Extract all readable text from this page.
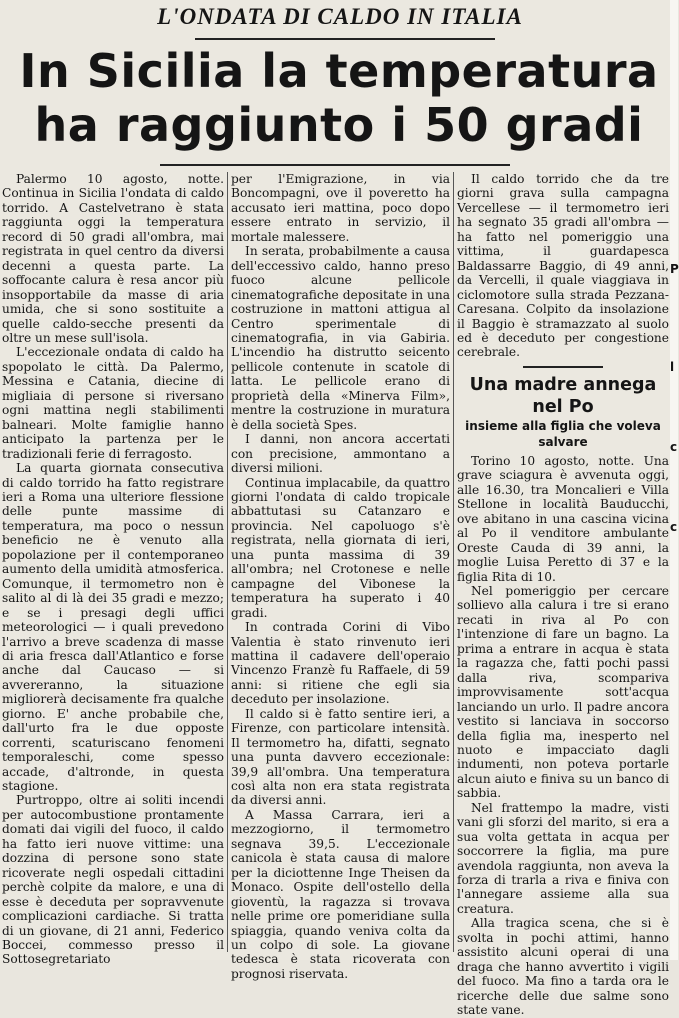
L'ONDATA DI CALDO IN ITALIA
In Sicilia la temperatura
ha raggiunto i 50 gradi

Palermo 10 agosto, notte. Continua in Sicilia l'ondata di caldo torrido. A Castelvetrano è stata raggiunta oggi la temperatura record di 50 gradi all'ombra, mai registrata in quel centro da diversi decenni a questa parte. La soffocante calura è resa ancor più insopportabile da masse di aria umida, che si sono sostituite a quelle caldo-secche presenti da oltre un mese sull'isola.

L'eccezionale ondata di caldo ha spopolato le città. Da Palermo, Messina e Catania, diecine di migliaia di persone si riversano ogni mattina negli stabilimenti balneari. Molte famiglie hanno anticipato la partenza per le tradizionali ferie di ferragosto.

La quarta giornata consecutiva di caldo torrido ha fatto registrare ieri a Roma una ulteriore flessione delle punte massime di temperatura, ma poco o nessun beneficio ne è venuto alla popolazione per il contemporaneo aumento della umidità atmosferica. Comunque, il termometro non è salito al di là dei 35 gradi e mezzo; e se i presagi degli uffici meteorologici — i quali prevedono l'arrivo a breve scadenza di masse di aria fresca dall'Atlantico e forse anche dal Caucaso — si avvereranno, la situazione migliorerà decisamente fra qualche giorno. E' anche probabile che, dall'urto fra le due opposte correnti, scaturiscano fenomeni temporaleschi, come spesso accade, d'altronde, in questa stagione.

Purtroppo, oltre ai soliti incendi per autocombustione prontamente domati dai vigili del fuoco, il caldo ha fatto ieri nuove vittime: una dozzina di persone sono state ricoverate negli ospedali cittadini perchè colpite da malore, e una di esse è deceduta per sopravvenute complicazioni cardiache. Si tratta di un giovane, di 21 anni, Federico Boccei, commesso presso il Sottosegretariato

per l'Emigrazione, in via Boncompagni, ove il poveretto ha accusato ieri mattina, poco dopo essere entrato in servizio, il mortale malessere.

In serata, probabilmente a causa dell'eccessivo caldo, hanno preso fuoco alcune pellicole cinematografiche depositate in una costruzione in mattoni attigua al Centro sperimentale di cinematografia, in via Gabiria. L'incendio ha distrutto seicento pellicole contenute in scatole di latta. Le pellicole erano di proprietà della «Minerva Film», mentre la costruzione in muratura è della società Spes.

I danni, non ancora accertati con precisione, ammontano a diversi milioni.

Continua implacabile, da quattro giorni l'ondata di caldo tropicale abbattutasi su Catanzaro e provincia. Nel capoluogo s'è registrata, nella giornata di ieri, una punta massima di 39 all'ombra; nel Crotonese e nelle campagne del Vibonese la temperatura ha superato i 40 gradi.

In contrada Corini di Vibo Valentia è stato rinvenuto ieri mattina il cadavere dell'operaio Vincenzo Franzè fu Raffaele, di 59 anni: si ritiene che egli sia deceduto per insolazione.

Il caldo si è fatto sentire ieri, a Firenze, con particolare intensità. Il termometro ha, difatti, segnato una punta davvero eccezionale: 39,9 all'ombra. Una temperatura così alta non era stata registrata da diversi anni.

A Massa Carrara, ieri a mezzogiorno, il termometro segnava 39,5. L'eccezionale canicola è stata causa di malore per la diciottenne Inge Theisen da Monaco. Ospite dell'ostello della gioventù, la ragazza si trovava nelle prime ore pomeridiane sulla spiaggia, quando veniva colta da un colpo di sole. La giovane tedesca è stata ricoverata con prognosi riservata.

Il caldo torrido che da tre giorni grava sulla campagna Vercellese — il termometro ieri ha segnato 35 gradi all'ombra — ha fatto nel pomeriggio una vittima, il guardapesca Baldassarre Baggio, di 49 anni, da Vercelli, il quale viaggiava in ciclomotore sulla strada Pezzana-Caresana. Colpito da insolazione il Baggio è stramazzato al suolo ed è deceduto per congestione cerebrale.

Una madre annega nel Po
insieme alla figlia che voleva salvare

Torino 10 agosto, notte. Una grave sciagura è avvenuta oggi, alle 16.30, tra Moncalieri e Villa Stellone in località Bauducchi, ove abitano in una cascina vicina al Po il venditore ambulante Oreste Cauda di 39 anni, la moglie Luisa Peretto di 37 e la figlia Rita di 10.

Nel pomeriggio per cercare sollievo alla calura i tre si erano recati in riva al Po con l'intenzione di fare un bagno. La prima a entrare in acqua è stata la ragazza che, fatti pochi passi dalla riva, scompariva improvvisamente sott'acqua lanciando un urlo. Il padre ancora vestito si lanciava in soccorso della figlia ma, inesperto nel nuoto e impacciato dagli indumenti, non poteva portarle alcun aiuto e finiva su un banco di sabbia.

Nel frattempo la madre, visti vani gli sforzi del marito, si era a sua volta gettata in acqua per soccorrere la figlia, ma pure avendola raggiunta, non aveva la forza di trarla a riva e finiva con l'annegare assieme alla sua creatura.

Alla tragica scena, che si è svolta in pochi attimi, hanno assistito alcuni operai di una draga che hanno avvertito i vigili del fuoco. Ma fino a tarda ora le ricerche delle due salme sono state vane.

P
l
c
c
